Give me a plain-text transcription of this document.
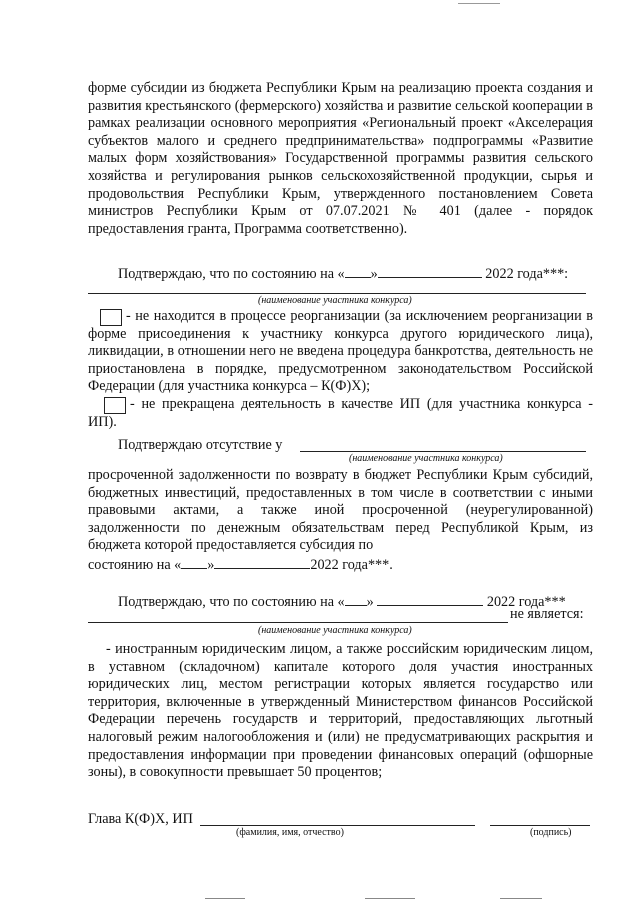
форме субсидии из бюджета Республики Крым на реализацию проекта создания и развития крестьянского (фермерского) хозяйства и развитие сельской кооперации в рамках реализации основного мероприятия «Региональный проект «Акселерация субъектов малого и среднего предпринимательства» подпрограммы «Развитие малых форм хозяйствования» Государственной программы развития сельского хозяйства и регулирования рынков сельскохозяйственной продукции, сырья и продовольствия Республики Крым, утвержденного постановлением Совета министров Республики Крым от 07.07.2021 № 401 (далее - порядок предоставления гранта, Программа соответственно).
Подтверждаю, что по состоянию на « »	2022 года***:
(наименование участника конкурса)
- не находится в процессе реорганизации (за исключением реорганизации в форме присоединения к участнику конкурса другого юридического лица), ликвидации, в отношении него не введена процедура банкротства, деятельность не приостановлена в порядке, предусмотренном законодательством Российской Федерации (для участника конкурса – К(Ф)Х);
- не прекращена деятельность в качестве ИП (для участника конкурса - ИП).
Подтверждаю отсутствие у
(наименование участника конкурса)
просроченной задолженности по возврату в бюджет Республики Крым субсидий, бюджетных инвестиций, предоставленных в том числе в соответствии с иными правовыми актами, а также иной просроченной (неурегулированной) задолженности по денежным обязательствам перед Республикой Крым, из бюджета которой предоставляется субсидия по
состоянию на « »	2022 года***.
Подтверждаю, что по состоянию на « »	2022 года***
не является:
(наименование участника конкурса)
- иностранным юридическим лицом, а также российским юридическим лицом, в уставном (складочном) капитале которого доля участия иностранных юридических лиц, местом регистрации которых является государство или территория, включенные в утвержденный Министерством финансов Российской Федерации перечень государств и территорий, предоставляющих льготный налоговый режим налогообложения и (или) не предусматривающих раскрытия и предоставления информации при проведении финансовых операций (офшорные зоны), в совокупности превышает 50 процентов;
Глава К(Ф)Х, ИП
(фамилия, имя, отчество)	(подпись)
